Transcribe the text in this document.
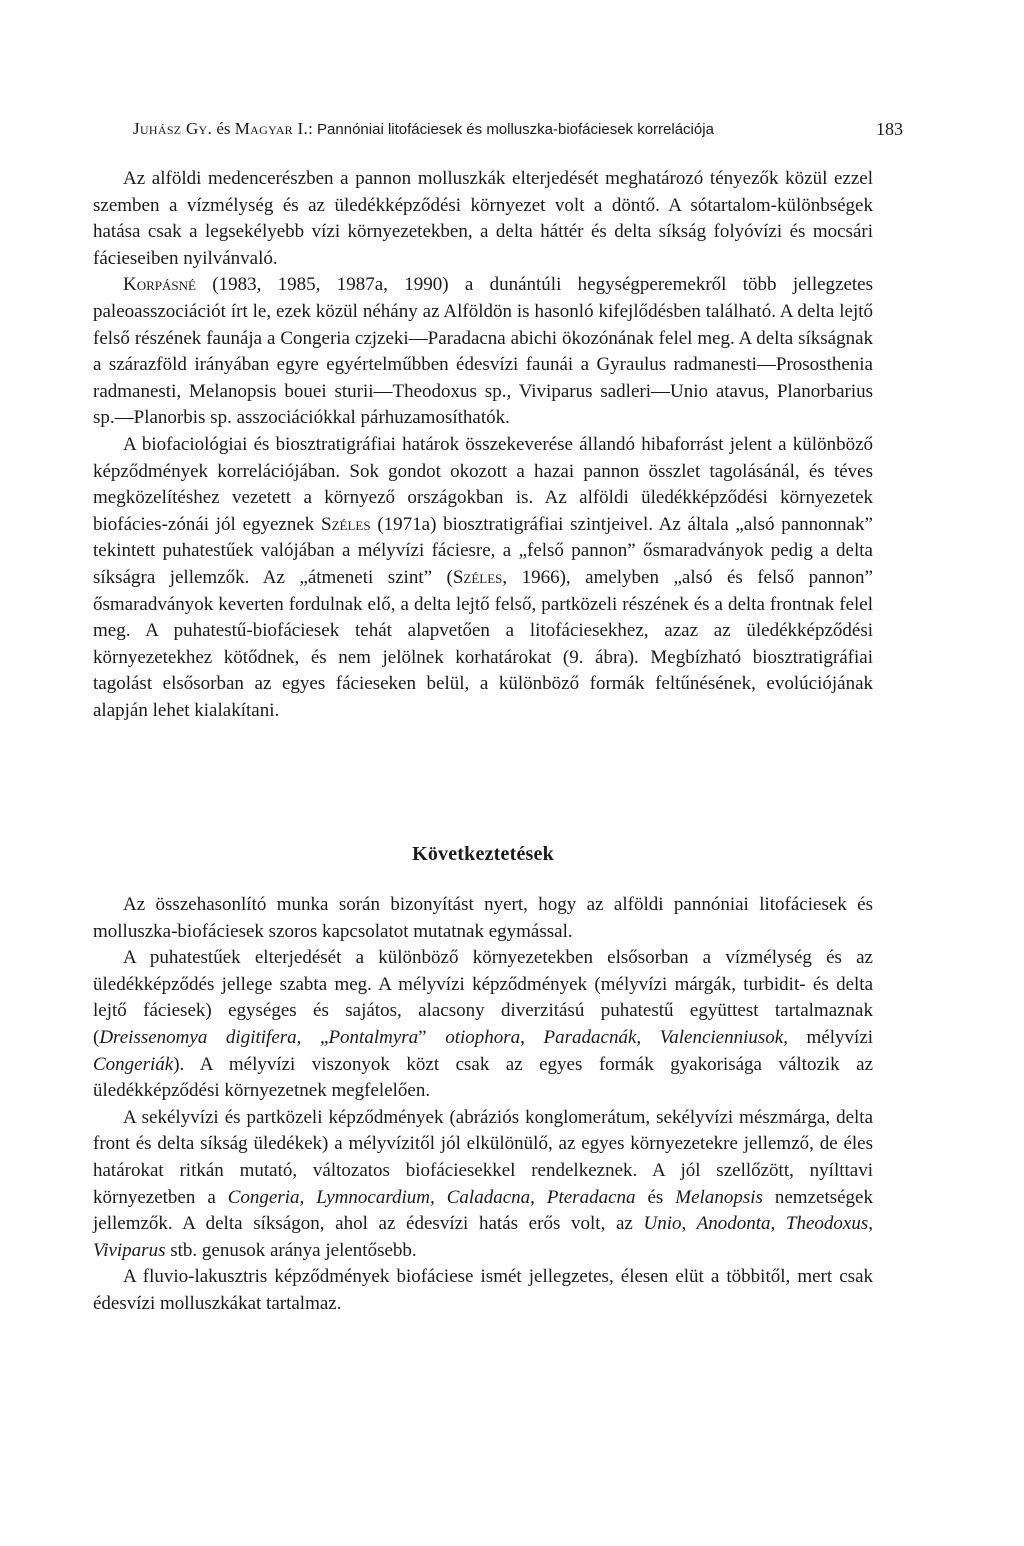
Juhász Gy. és Magyar I.: Pannóniai litofáciesek és molluszka-biofáciesek korrelációja	183

Az alföldi medencerészben a pannon molluszkák elterjedését meghatározó tényezők közül ezzel szemben a vízmélység és az üledékképződési környezet volt a döntő. A sótartalom-különbségek hatása csak a legsekélyebb vízi környezetekben, a delta háttér és delta síkság folyóvízi és mocsári fácieseiben nyilvánvaló.

Korpásné (1983, 1985, 1987a, 1990) a dunántúli hegységperemekről több jellegzetes paleoasszociációt írt le, ezek közül néhány az Alföldön is hasonló kifejlődésben található. A delta lejtő felső részének faunája a Congeria czjzeki—Paradacna abichi ökozónának felel meg. A delta síkságnak a szárazföld irányában egyre egyértelműbben édesvízi faunái a Gyraulus radmanesti—Prososthenia radmanesti, Melanopsis bouei sturii—Theodoxus sp., Viviparus sadleri—Unio atavus, Planorbarius sp.—Planorbis sp. asszociációkkal párhuzamosíthatók.

A biofaciológiai és biosztratigráfiai határok összekeverése állandó hibaforrást jelent a különböző képződmények korrelációjában. Sok gondot okozott a hazai pannon összlet tagolásánál, és téves megközelítéshez vezetett a környező országokban is. Az alföldi üledékképződési környezetek biofácies-zónái jól egyeznek Széles (1971a) biosztratigráfiai szintjeivel. Az általa „alsó pannonnak” tekintett puhatestűek valójában a mélyvízi fáciesre, a „felső pannon” ősmaradványok pedig a delta síkságra jellemzők. Az „átmeneti szint” (Széles, 1966), amelyben „alsó és felső pannon” ősmaradványok keverten fordulnak elő, a delta lejtő felső, partközeli részének és a delta frontnak felel meg. A puhatestű-biofáciesek tehát alapvetően a litofáciesekhez, azaz az üledékképződési környezetekhez kötődnek, és nem jelölnek korhatárokat (9. ábra). Megbízható biosztratigráfiai tagolást elsősorban az egyes fácieseken belül, a különböző formák feltűnésének, evolúciójának alapján lehet kialakítani.

Következtetések

Az összehasonlító munka során bizonyítást nyert, hogy az alföldi pannóniai litofáciesek és molluszka-biofáciesek szoros kapcsolatot mutatnak egymással.

A puhatestűek elterjedését a különböző környezetekben elsősorban a vízmélység és az üledékképződés jellege szabta meg. A mélyvízi képződmények (mélyvízi márgák, turbidit- és delta lejtő fáciesek) egységes és sajátos, alacsony diverzitású puhatestű együttest tartalmaznak (Dreissenomya digitifera, „Pontalmyra” otiophora, Paradacnák, Valencienniusok, mélyvízi Congeriák). A mélyvízi viszonyok közt csak az egyes formák gyakorisága változik az üledékképződési környezetnek megfelelően.

A sekélyvízi és partközeli képződmények (abráziós konglomerátum, sekélyvízi mészmárga, delta front és delta síkság üledékek) a mélyvízitől jól elkülönülő, az egyes környezetekre jellemző, de éles határokat ritkán mutató, változatos biofáciesekkel rendelkeznek. A jól szellőzött, nyílttavi környezetben a Congeria, Lymnocardium, Caladacna, Pteradacna és Melanopsis nemzetségek jellemzők. A delta síkságon, ahol az édesvízi hatás erős volt, az Unio, Anodonta, Theodoxus, Viviparus stb. genusok aránya jelentősebb.

A fluvio-lakusztris képződmények biofáciese ismét jellegzetes, élesen elüt a többitől, mert csak édesvízi molluszkákat tartalmaz.
